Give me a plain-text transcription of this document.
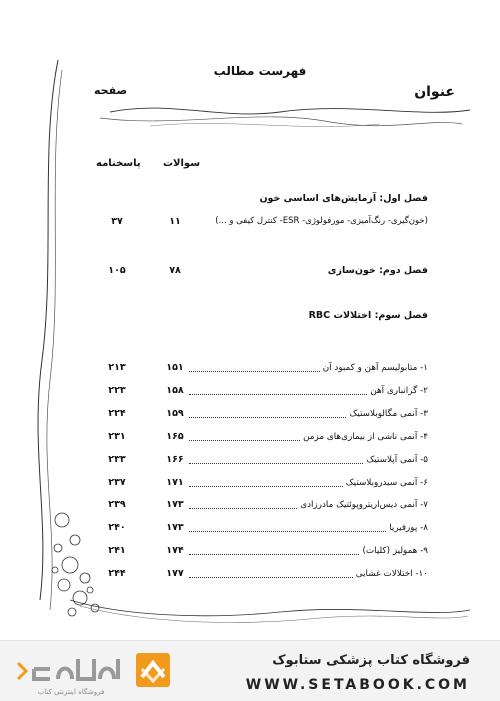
فهرست مطالب
عنوان
صفحه
سوالات
پاسخنامه
فصل اول: آزمایش‌های اساسی خون
(خون‌گیری- رنگ‌آمیزی- مورفولوژی- ESR- کنترل کیفی و ...)
۱۱
۳۷
فصل دوم: خون‌سازی
۷۸
۱۰۵
فصل سوم: اختلالات RBC
۱- متابولیسم آهن و کمبود آن
۱۵۱
۲۱۳
۲- گرانباری آهن
۱۵۸
۲۲۳
۳- آنمی مگالوبلاستیک
۱۵۹
۲۲۴
۴- آنمی ناشی از بیماری‌های مزمن
۱۶۵
۲۳۱
۵- آنمی آپلاستیک
۱۶۶
۲۳۳
۶- آنمی سیدروبلاستیک
۱۷۱
۲۳۷
۷- آنمی دیس‌اریتروپوئتیک مادرزادی
۱۷۳
۲۳۹
۸- پورفیریا
۱۷۳
۲۴۰
۹- همولیز (کلیات)
۱۷۴
۲۴۱
۱۰- اختلالات غشایی
۱۷۷
۲۴۴
فروشگاه اینترنتی کتاب
فروشگاه کتاب پزشکی ستابوک
WWW.SETABOOK.COM
